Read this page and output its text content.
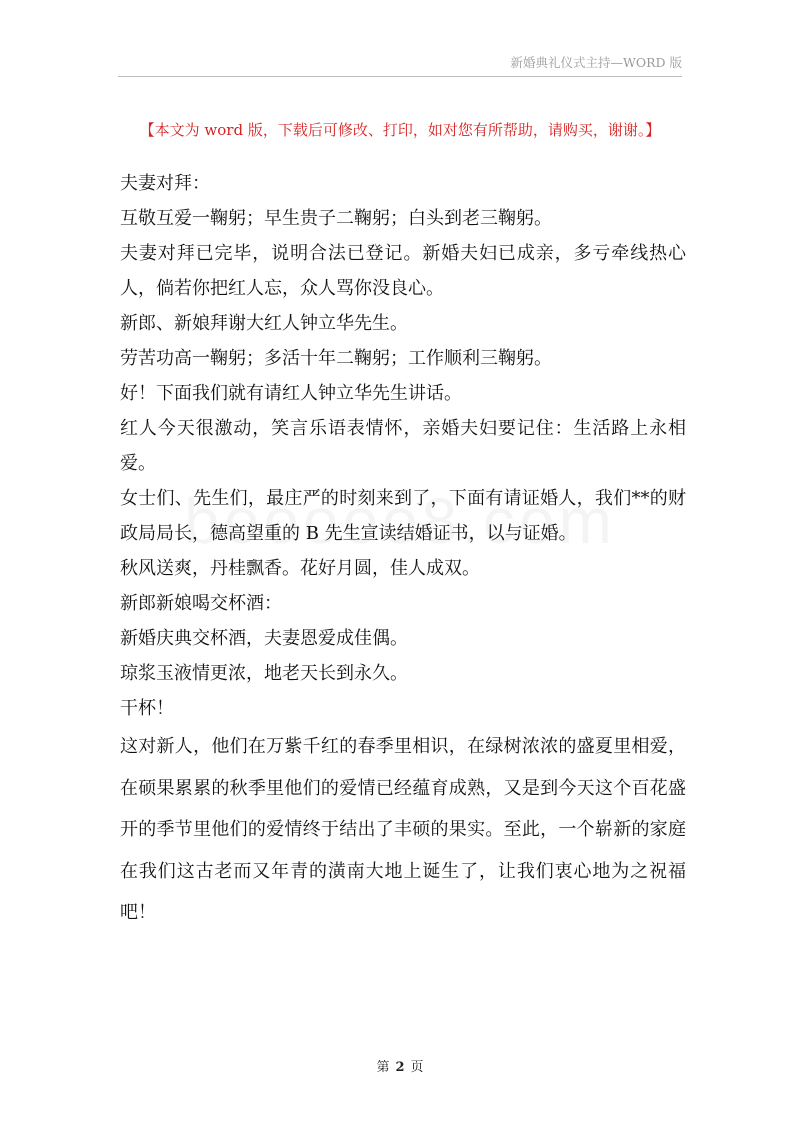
新婚典礼仪式主持—WORD 版
【本文为 word 版，下载后可修改、打印，如对您有所帮助，请购买，谢谢。】

夫妻对拜：

互敬互爱一鞠躬；早生贵子二鞠躬；白头到老三鞠躬。

夫妻对拜已完毕，说明合法已登记。新婚夫妇已成亲，多亏牵线热心人，倘若你把红人忘，众人骂你没良心。

新郎、新娘拜谢大红人钟立华先生。

劳苦功高一鞠躬；多活十年二鞠躬；工作顺利三鞠躬。

好！下面我们就有请红人钟立华先生讲话。

红人今天很激动，笑言乐语表情怀，亲婚夫妇要记住：生活路上永相爱。

女士们、先生们，最庄严的时刻来到了，下面有请证婚人，我们**的财政局局长，德高望重的 B 先生宣读结婚证书，以与证婚。

秋风送爽，丹桂飘香。花好月圆，佳人成双。

新郎新娘喝交杯酒：

新婚庆典交杯酒，夫妻恩爱成佳偶。

琼浆玉液情更浓，地老天长到永久。

干杯！

这对新人，他们在万紫千红的春季里相识，在绿树浓浓的盛夏里相爱，在硕果累累的秋季里他们的爱情已经蕴育成熟，又是到今天这个百花盛开的季节里他们的爱情终于结出了丰硕的果实。至此，一个崭新的家庭在我们这古老而又年青的潢南大地上诞生了，让我们衷心地为之祝福吧！

第 2 页
